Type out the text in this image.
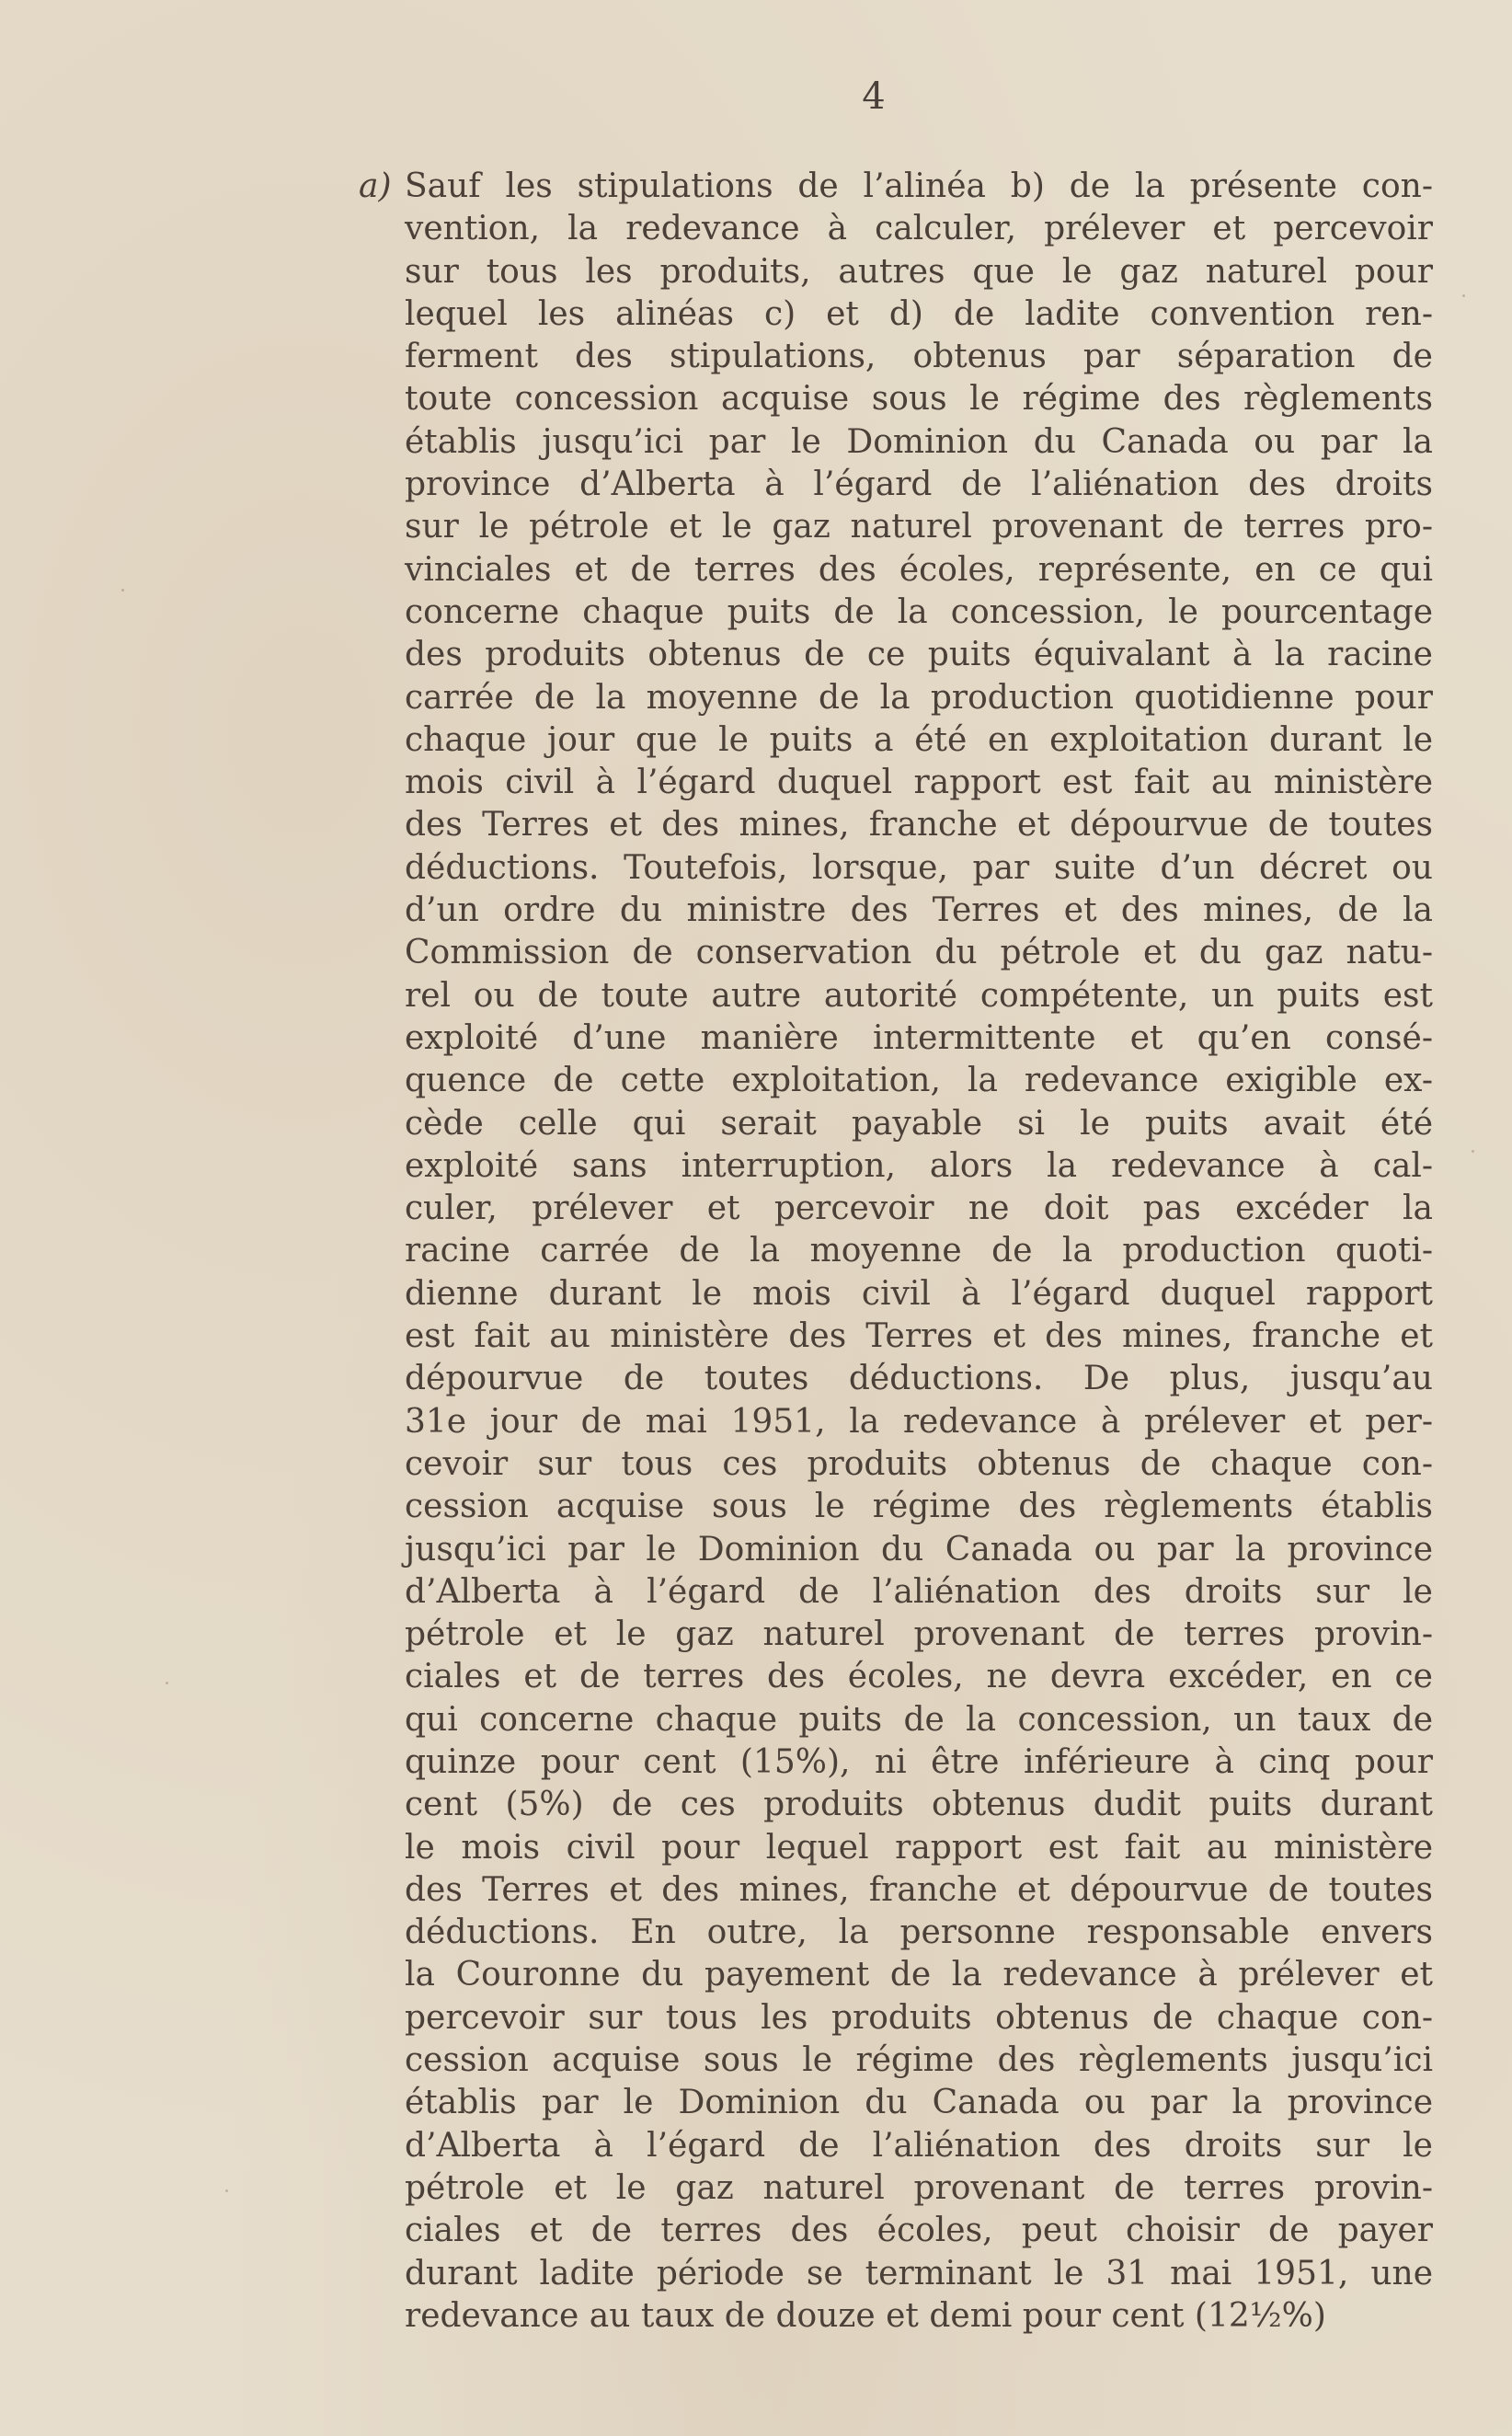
4
a) Sauf les stipulations de l’alinéa b) de la présente con-
vention, la redevance à calculer, prélever et percevoir
sur tous les produits, autres que le gaz naturel pour
lequel les alinéas c) et d) de ladite convention ren-
ferment des stipulations, obtenus par séparation de
toute concession acquise sous le régime des règlements
établis jusqu’ici par le Dominion du Canada ou par la
province d’Alberta à l’égard de l’aliénation des droits
sur le pétrole et le gaz naturel provenant de terres pro-
vinciales et de terres des écoles, représente, en ce qui
concerne chaque puits de la concession, le pourcentage
des produits obtenus de ce puits équivalant à la racine
carrée de la moyenne de la production quotidienne pour
chaque jour que le puits a été en exploitation durant le
mois civil à l’égard duquel rapport est fait au ministère
des Terres et des mines, franche et dépourvue de toutes
déductions. Toutefois, lorsque, par suite d’un décret ou
d’un ordre du ministre des Terres et des mines, de la
Commission de conservation du pétrole et du gaz natu-
rel ou de toute autre autorité compétente, un puits est
exploité d’une manière intermittente et qu’en consé-
quence de cette exploitation, la redevance exigible ex-
cède celle qui serait payable si le puits avait été
exploité sans interruption, alors la redevance à cal-
culer, prélever et percevoir ne doit pas excéder la
racine carrée de la moyenne de la production quoti-
dienne durant le mois civil à l’égard duquel rapport
est fait au ministère des Terres et des mines, franche et
dépourvue de toutes déductions. De plus, jusqu’au
31e jour de mai 1951, la redevance à prélever et per-
cevoir sur tous ces produits obtenus de chaque con-
cession acquise sous le régime des règlements établis
jusqu’ici par le Dominion du Canada ou par la province
d’Alberta à l’égard de l’aliénation des droits sur le
pétrole et le gaz naturel provenant de terres provin-
ciales et de terres des écoles, ne devra excéder, en ce
qui concerne chaque puits de la concession, un taux de
quinze pour cent (15%), ni être inférieure à cinq pour
cent (5%) de ces produits obtenus dudit puits durant
le mois civil pour lequel rapport est fait au ministère
des Terres et des mines, franche et dépourvue de toutes
déductions. En outre, la personne responsable envers
la Couronne du payement de la redevance à prélever et
percevoir sur tous les produits obtenus de chaque con-
cession acquise sous le régime des règlements jusqu’ici
établis par le Dominion du Canada ou par la province
d’Alberta à l’égard de l’aliénation des droits sur le
pétrole et le gaz naturel provenant de terres provin-
ciales et de terres des écoles, peut choisir de payer
durant ladite période se terminant le 31 mai 1951, une
redevance au taux de douze et demi pour cent (12½%)
